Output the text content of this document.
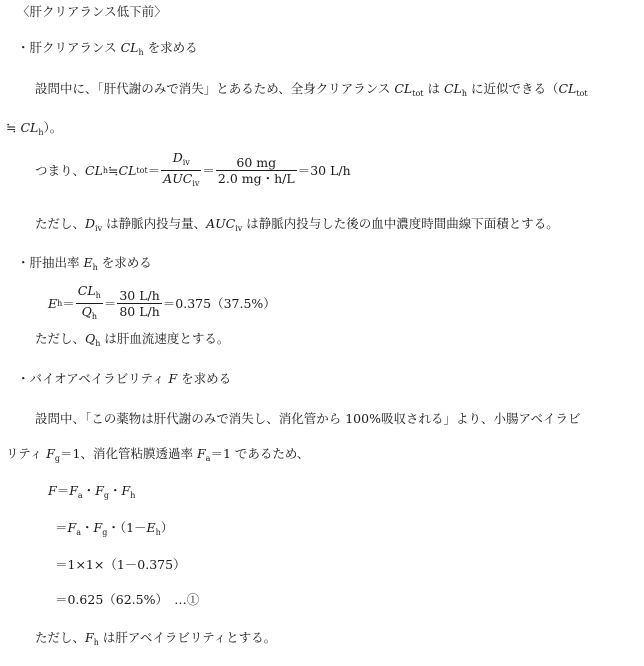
〈肝クリアランス低下前〉
・肝クリアランス $CL_h$ を求める
設問中に、「肝代謝のみで消失」とあるため、全身クリアランス $CL_{tot}$ は $CL_h$ に近似できる（$CL_{tot}$
≒ $CL_h$）。
つまり、 CL h ≒ CL tot ＝ $\frac{D_{iv}}{AUC_{iv}} = \frac{60 mg}{2.0 mg・h/L} =30$ L/h
ただし、$D_{iv}$ は静脈内投与量、$AUC_{iv}$ は静脈内投与した後の血中濃度時間曲線下面積とする。
・肝抽出率 $E_h$ を求める
E $h = \frac{CL_h}{Q_h} = \frac{30 L/h}{80 L/h} =0.375(37.5\%)$
ただし、$Q_h$ は肝血流速度とする。
・バイオアベイラビリティ F を求める
設問中、「この薬物は肝代謝のみで消失し、消化管から 100%吸収される」より、小腸アベイラビ
リティ $F_g=1$、消化管粘膜透過率 $F_a=1$ であるため、
$F=F_a$・$F_g$・$F_h$
$=F_a$・$F_g$・$(1-E_h)$
＝1×1×（1－0.375）
＝0.625（62.5%）　…①
ただし、$F_h$ は肝アベイラビリティとする。
